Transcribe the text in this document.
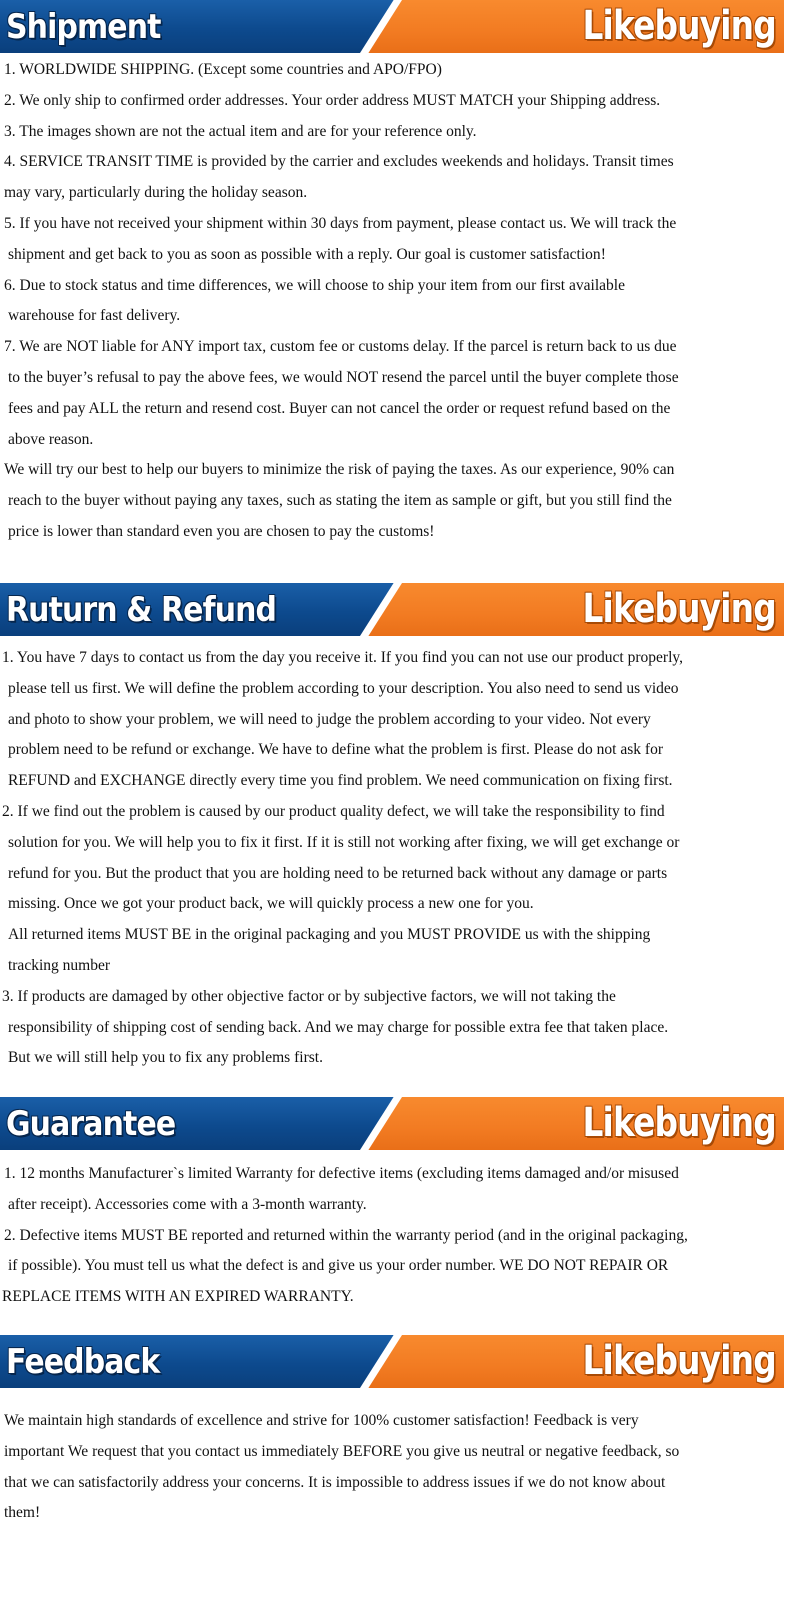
Shipment	Likebuying

1. WORLDWIDE SHIPPING. (Except some countries and APO/FPO)

2. We only ship to confirmed order addresses. Your order address MUST MATCH your Shipping address.

3. The images shown are not the actual item and are for your reference only.

4. SERVICE TRANSIT TIME is provided by the carrier and excludes weekends and holidays. Transit times

may vary, particularly during the holiday season.

5. If you have not received your shipment within 30 days from payment, please contact us. We will track the

shipment and get back to you as soon as possible with a reply. Our goal is customer satisfaction!

6. Due to stock status and time differences, we will choose to ship your item from our first available

warehouse for fast delivery.

7. We are NOT liable for ANY import tax, custom fee or customs delay. If the parcel is return back to us due

to the buyer’s refusal to pay the above fees, we would NOT resend the parcel until the buyer complete those

fees and pay ALL the return and resend cost. Buyer can not cancel the order or request refund based on the

above reason.

We will try our best to help our buyers to minimize the risk of paying the taxes. As our experience, 90% can

reach to the buyer without paying any taxes, such as stating the item as sample or gift, but you still find the

price is lower than standard even you are chosen to pay the customs!

Ruturn & Refund	Likebuying

1. You have 7 days to contact us from the day you receive it. If you find you can not use our product properly,

please tell us first. We will define the problem according to your description. You also need to send us video

and photo to show your problem, we will need to judge the problem according to your video. Not every

problem need to be refund or exchange. We have to define what the problem is first. Please do not ask for

REFUND and EXCHANGE directly every time you find problem. We need communication on fixing first.

2. If we find out the problem is caused by our product quality defect, we will take the responsibility to find

solution for you. We will help you to fix it first. If it is still not working after fixing, we will get exchange or

refund for you. But the product that you are holding need to be returned back without any damage or parts

missing. Once we got your product back, we will quickly process a new one for you.

All returned items MUST BE in the original packaging and you MUST PROVIDE us with the shipping

tracking number

3. If products are damaged by other objective factor or by subjective factors, we will not taking the

responsibility of shipping cost of sending back. And we may charge for possible extra fee that taken place.

But we will still help you to fix any problems first.

Guarantee	Likebuying

1. 12 months Manufacturer`s limited Warranty for defective items (excluding items damaged and/or misused

after receipt). Accessories come with a 3-month warranty.

2. Defective items MUST BE reported and returned within the warranty period (and in the original packaging,

if possible). You must tell us what the defect is and give us your order number. WE DO NOT REPAIR OR

REPLACE ITEMS WITH AN EXPIRED WARRANTY.

Feedback	Likebuying

We maintain high standards of excellence and strive for 100% customer satisfaction! Feedback is very

important We request that you contact us immediately BEFORE you give us neutral or negative feedback, so

that we can satisfactorily address your concerns. It is impossible to address issues if we do not know about

them!
